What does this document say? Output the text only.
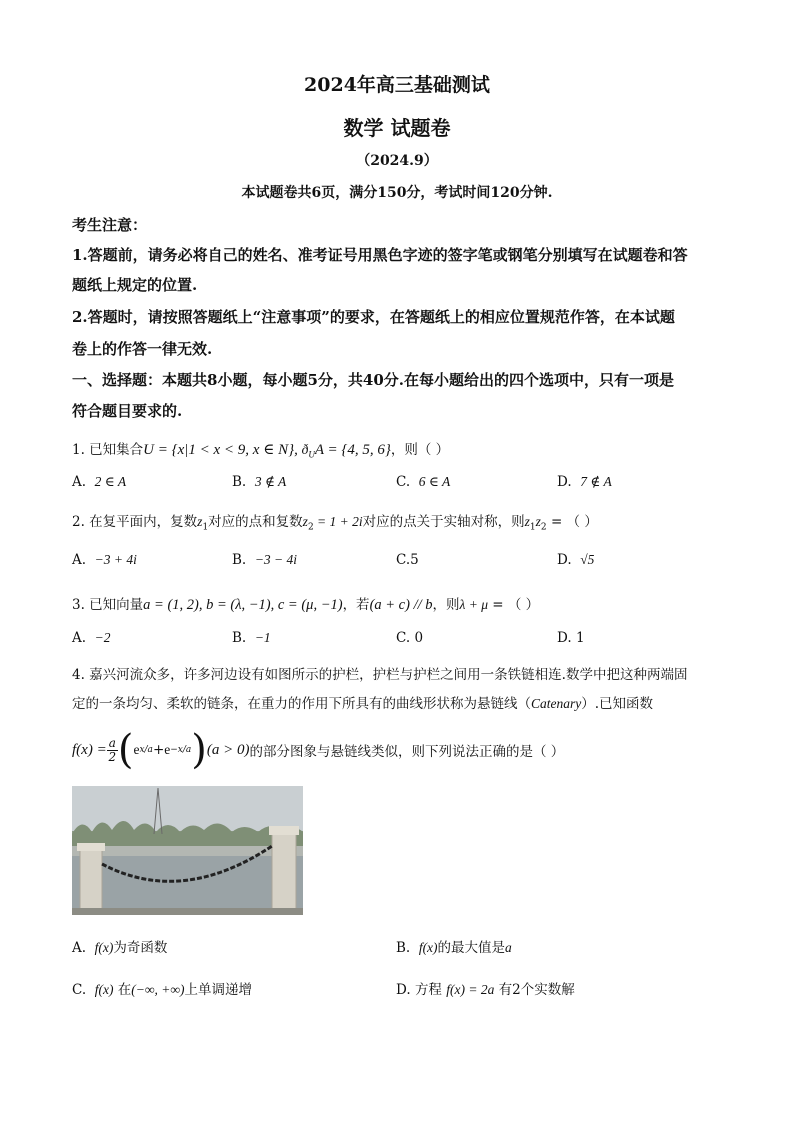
2024年高三基础测试
数学 试题卷
（2024.9）
本试题卷共6页，满分150分，考试时间120分钟.
考生注意：
1.答题前，请务必将自己的姓名、准考证号用黑色字迹的签字笔或钢笔分别填写在试题卷和答
题纸上规定的位置.
2.答题时，请按照答题纸上“注意事项”的要求，在答题纸上的相应位置规范作答，在本试题
卷上的作答一律无效.
一、选择题：本题共8小题，每小题5分，共40分.在每小题给出的四个选项中，只有一项是
符合题目要求的.
1. 已知集合U = {x|1 < x < 9, x ∈ N}, $ð_UA = \{4$, 5, 6}，则（ ）
A. 2 ∈ A	B. 3 ∉ A	C. 6 ∈ A	D. 7 ∉ A
2. 在复平面内，复数$z_1$对应的点和复数$z_2 = 1 + 2i$对应的点关于实轴对称，则$z_1z_2$ = （ ）
A. −3 + 4i	B. −3 − 4i	C.5	D. √5
3. 已知向量a = (1, 2), b = (λ, −1), c = (μ, −1)，若(a + c) // b，则λ + μ = （ ）
A. −2	B. −1	C. 0	D. 1
4. 嘉兴河流众多，许多河边设有如图所示的护栏，护栏与护栏之间用一条铁链相连.数学中把这种两端固
定的一条均匀、柔软的链条，在重力的作用下所具有的曲线形状称为悬链线（Catenary）.已知函数
$f(x) = \frac{a}{2}$ ( e x/a + e −x/a ) (a > 0) 的部分图象与悬链线类似，则下列说法正确的是（ ）
A. f(x)为奇函数	B. f(x)的最大值是a
C. f(x) 在(−∞, +∞)上单调递增	D. 方程 f(x) = 2a 有2个实数解
